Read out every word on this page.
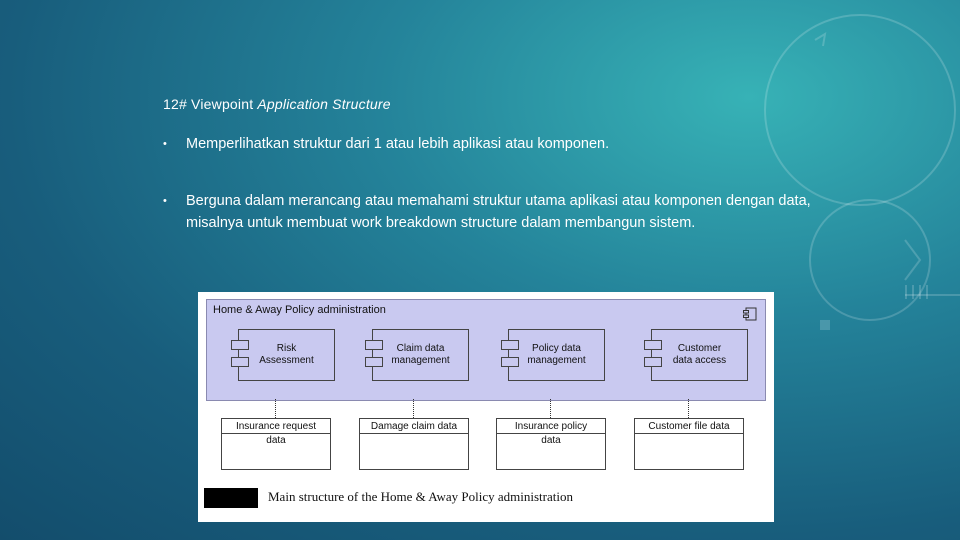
12# Viewpoint Application Structure
• Memperlihatkan struktur dari 1 atau lebih aplikasi atau komponen.
• Berguna dalam merancang atau memahami struktur utama aplikasi atau komponen dengan data, misalnya untuk membuat work breakdown structure dalam membangun sistem.
Home & Away Policy administration
Risk
Assessment
Claim data
management
Policy data
management
Customer
data access
Insurance request
data
Damage claim data	Insurance policy
data
Customer file data
Main structure of the Home & Away Policy administration
